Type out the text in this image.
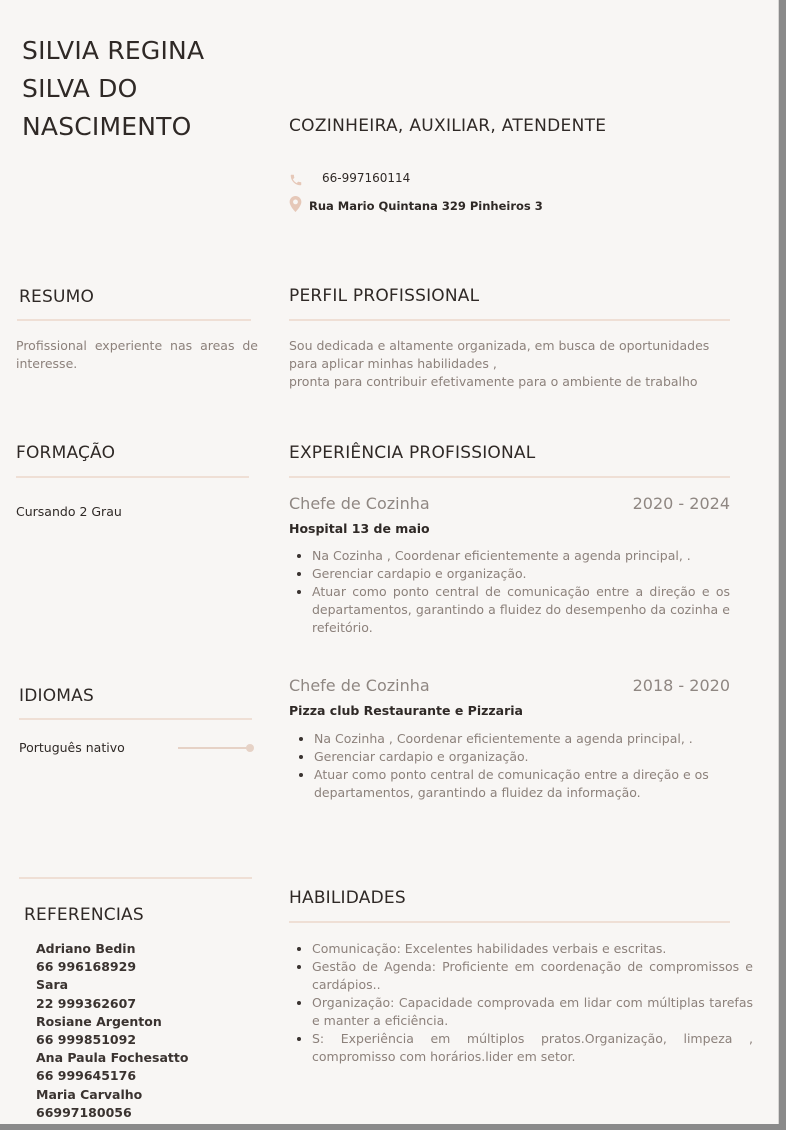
SILVIA REGINA
SILVA DO
NASCIMENTO	COZINHEIRA, AUXILIAR, ATENDENTE
66-997160114
Rua Mario Quintana 329 Pinheiros 3
RESUMO
Profissional experiente nas areas de interesse.
PERFIL PROFISSIONAL
Sou dedicada e altamente organizada, em busca de oportunidades
para aplicar minhas habilidades ,
pronta para contribuir efetivamente para o ambiente de trabalho
FORMAÇÃO
Cursando 2 Grau
EXPERIÊNCIA PROFISSIONAL
Chefe de Cozinha	2020 - 2024
Hospital 13 de maio
• Na Cozinha , Coordenar eficientemente a agenda principal, .
• Gerenciar cardapio e organização.
• Atuar como ponto central de comunicação entre a direção e os departamentos, garantindo a fluidez do desempenho da cozinha e refeitório.
Chefe de Cozinha	2018 - 2020
Pizza club Restaurante e Pizzaria
• Na Cozinha , Coordenar eficientemente a agenda principal, .
• Gerenciar cardapio e organização.
• Atuar como ponto central de comunicação entre a direção e os departamentos, garantindo a fluidez da informação.
IDIOMAS
Português nativo
REFERENCIAS
Adriano Bedin
66 996168929
Sara
22 999362607
Rosiane Argenton
66 999851092
Ana Paula Fochesatto
66 999645176
Maria Carvalho
66997180056
HABILIDADES
• Comunicação: Excelentes habilidades verbais e escritas.
• Gestão de Agenda: Proficiente em coordenação de compromissos e cardápios..
• Organização: Capacidade comprovada em lidar com múltiplas tarefas e manter a eficiência.
• S: Experiência em múltiplos pratos.Organização, limpeza , compromisso com horários.lider em setor.
